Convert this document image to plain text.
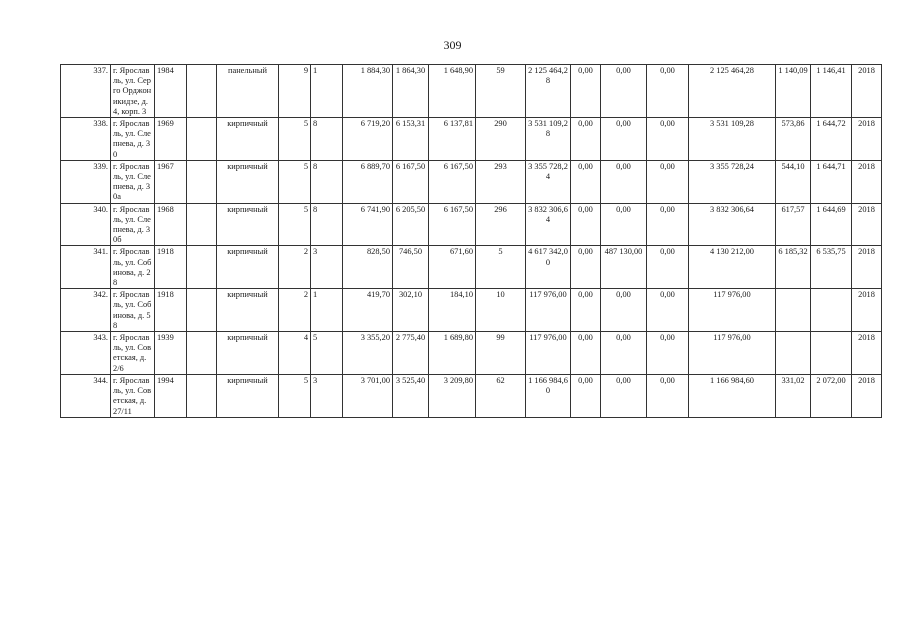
309
337.	г. Ярославль, ул. Серго Орджоникидзе, д. 4, корп. 3	1984		панельный	9	1	1 884,30	1 864,30	1 648,90	59	2 125 464,28	0,00	0,00	0,00	2 125 464,28	1 140,09	1 146,41	2018
338.	г. Ярославль, ул. Слепнева, д. 30	1969		кирпичный	5	8	6 719,20	6 153,31	6 137,81	290	3 531 109,28	0,00	0,00	0,00	3 531 109,28	573,86	1 644,72	2018
339.	г. Ярославль, ул. Слепнева, д. 30а	1967		кирпичный	5	8	6 889,70	6 167,50	6 167,50	293	3 355 728,24	0,00	0,00	0,00	3 355 728,24	544,10	1 644,71	2018
340.	г. Ярославль, ул. Слепнева, д. 30б	1968		кирпичный	5	8	6 741,90	6 205,50	6 167,50	296	3 832 306,64	0,00	0,00	0,00	3 832 306,64	617,57	1 644,69	2018
341.	г. Ярославль, ул. Собинова, д. 28	1918		кирпичный	2	3	828,50	746,50	671,60	5	4 617 342,00	0,00	487 130,00	0,00	4 130 212,00	6 185,32	6 535,75	2018
342.	г. Ярославль, ул. Собинова, д. 58	1918		кирпичный	2	1	419,70	302,10	184,10	10	117 976,00	0,00	0,00	0,00	117 976,00			2018
343.	г. Ярославль, ул. Советская, д. 2/6	1939		кирпичный	4	5	3 355,20	2 775,40	1 689,80	99	117 976,00	0,00	0,00	0,00	117 976,00			2018
344.	г. Ярославль, ул. Советская, д. 27/11	1994		кирпичный	5	3	3 701,00	3 525,40	3 209,80	62	1 166 984,60	0,00	0,00	0,00	1 166 984,60	331,02	2 072,00	2018
